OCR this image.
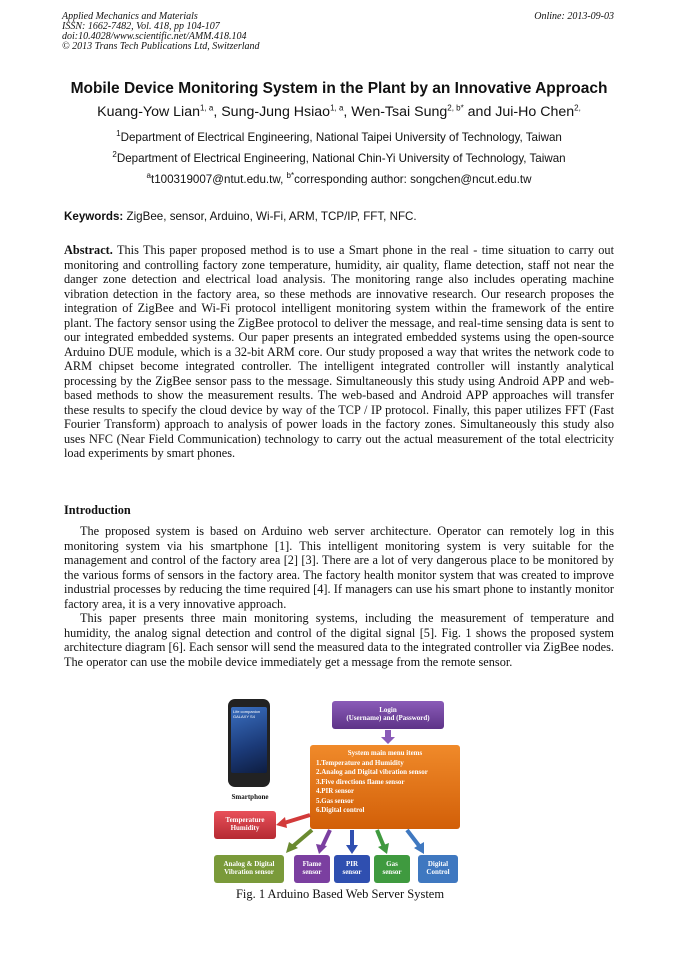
Applied Mechanics and Materials
ISSN: 1662-7482, Vol. 418, pp 104-107
doi:10.4028/www.scientific.net/AMM.418.104
© 2013 Trans Tech Publications Ltd, Switzerland
Online: 2013-09-03
Mobile Device Monitoring System in the Plant by an Innovative Approach
Kuang-Yow Lian$^{1, a}$, Sung-Jung Hsiao$^{1, a}$, Wen-Tsai Sung$^{2, b*}$ and Jui-Ho Chen$^{2,}$
$^1$Department of Electrical Engineering, National Taipei University of Technology, Taiwan
$^2$Department of Electrical Engineering, National Chin-Yi University of Technology, Taiwan
$^a$t100319007@ntut.edu.tw, $^{b*}$corresponding author: songchen@ncut.edu.tw
Keywords: ZigBee, sensor, Arduino, Wi-Fi, ARM, TCP/IP, FFT, NFC.
Abstract. This This paper proposed method is to use a Smart phone in the real - time situation to carry out monitoring and controlling factory zone temperature, humidity, air quality, flame detection, staff not near the danger zone detection and electrical load analysis. The monitoring range also includes operating machine vibration detection in the factory area, so these methods are innovative research. Our research proposes the integration of ZigBee and Wi-Fi protocol intelligent monitoring system within the framework of the entire plant. The factory sensor using the ZigBee protocol to deliver the message, and real-time sensing data is sent to our integrated embedded systems. Our paper presents an integrated embedded systems using the open-source Arduino DUE module, which is a 32-bit ARM core. Our study proposed a way that writes the network code to ARM chipset become integrated controller. The intelligent integrated controller will instantly analytical processing by the ZigBee sensor pass to the message. Simultaneously this study using Android APP and web-based methods to show the measurement results. The web-based and Android APP approaches will transfer these results to specify the cloud device by way of the TCP / IP protocol. Finally, this paper utilizes FFT (Fast Fourier Transform) approach to analysis of power loads in the factory zones. Simultaneously this study also uses NFC (Near Field Communication) technology to carry out the actual measurement of the total electricity load experiments by smart phones.
Introduction
The proposed system is based on Arduino web server architecture. Operator can remotely log in this monitoring system via his smartphone [1]. This intelligent monitoring system is very suitable for the management and control of the factory area [2] [3]. There are a lot of very dangerous place to be monitored by the various forms of sensors in the factory area. The factory health monitor system that was created to improve industrial processes by reducing the time required [4]. If managers can use his smart phone to instantly monitor factory area, it is a very innovative approach.
This paper presents three main monitoring systems, including the measurement of temperature and humidity, the analog signal detection and control of the digital signal [5]. Fig. 1 shows the proposed system architecture diagram [6]. Each sensor will send the measured data to the integrated controller via ZigBee nodes. The operator can use the mobile device immediately get a message from the remote sensor.
Life companion
GALAXY S4
Smartphone
Login
(Username) and (Password)
System main menu items
1.Temperature and Humidity
2.Analog and Digital vibration sensor
3.Five directions flame sensor
4.PIR sensor
5.Gas sensor
6.Digital control
Temperature
Humidity
Analog & Digital
Vibration sensor
Flame
sensor
PIR
sensor
Gas
sensor
Digital
Control
Fig. 1 Arduino Based Web Server System
